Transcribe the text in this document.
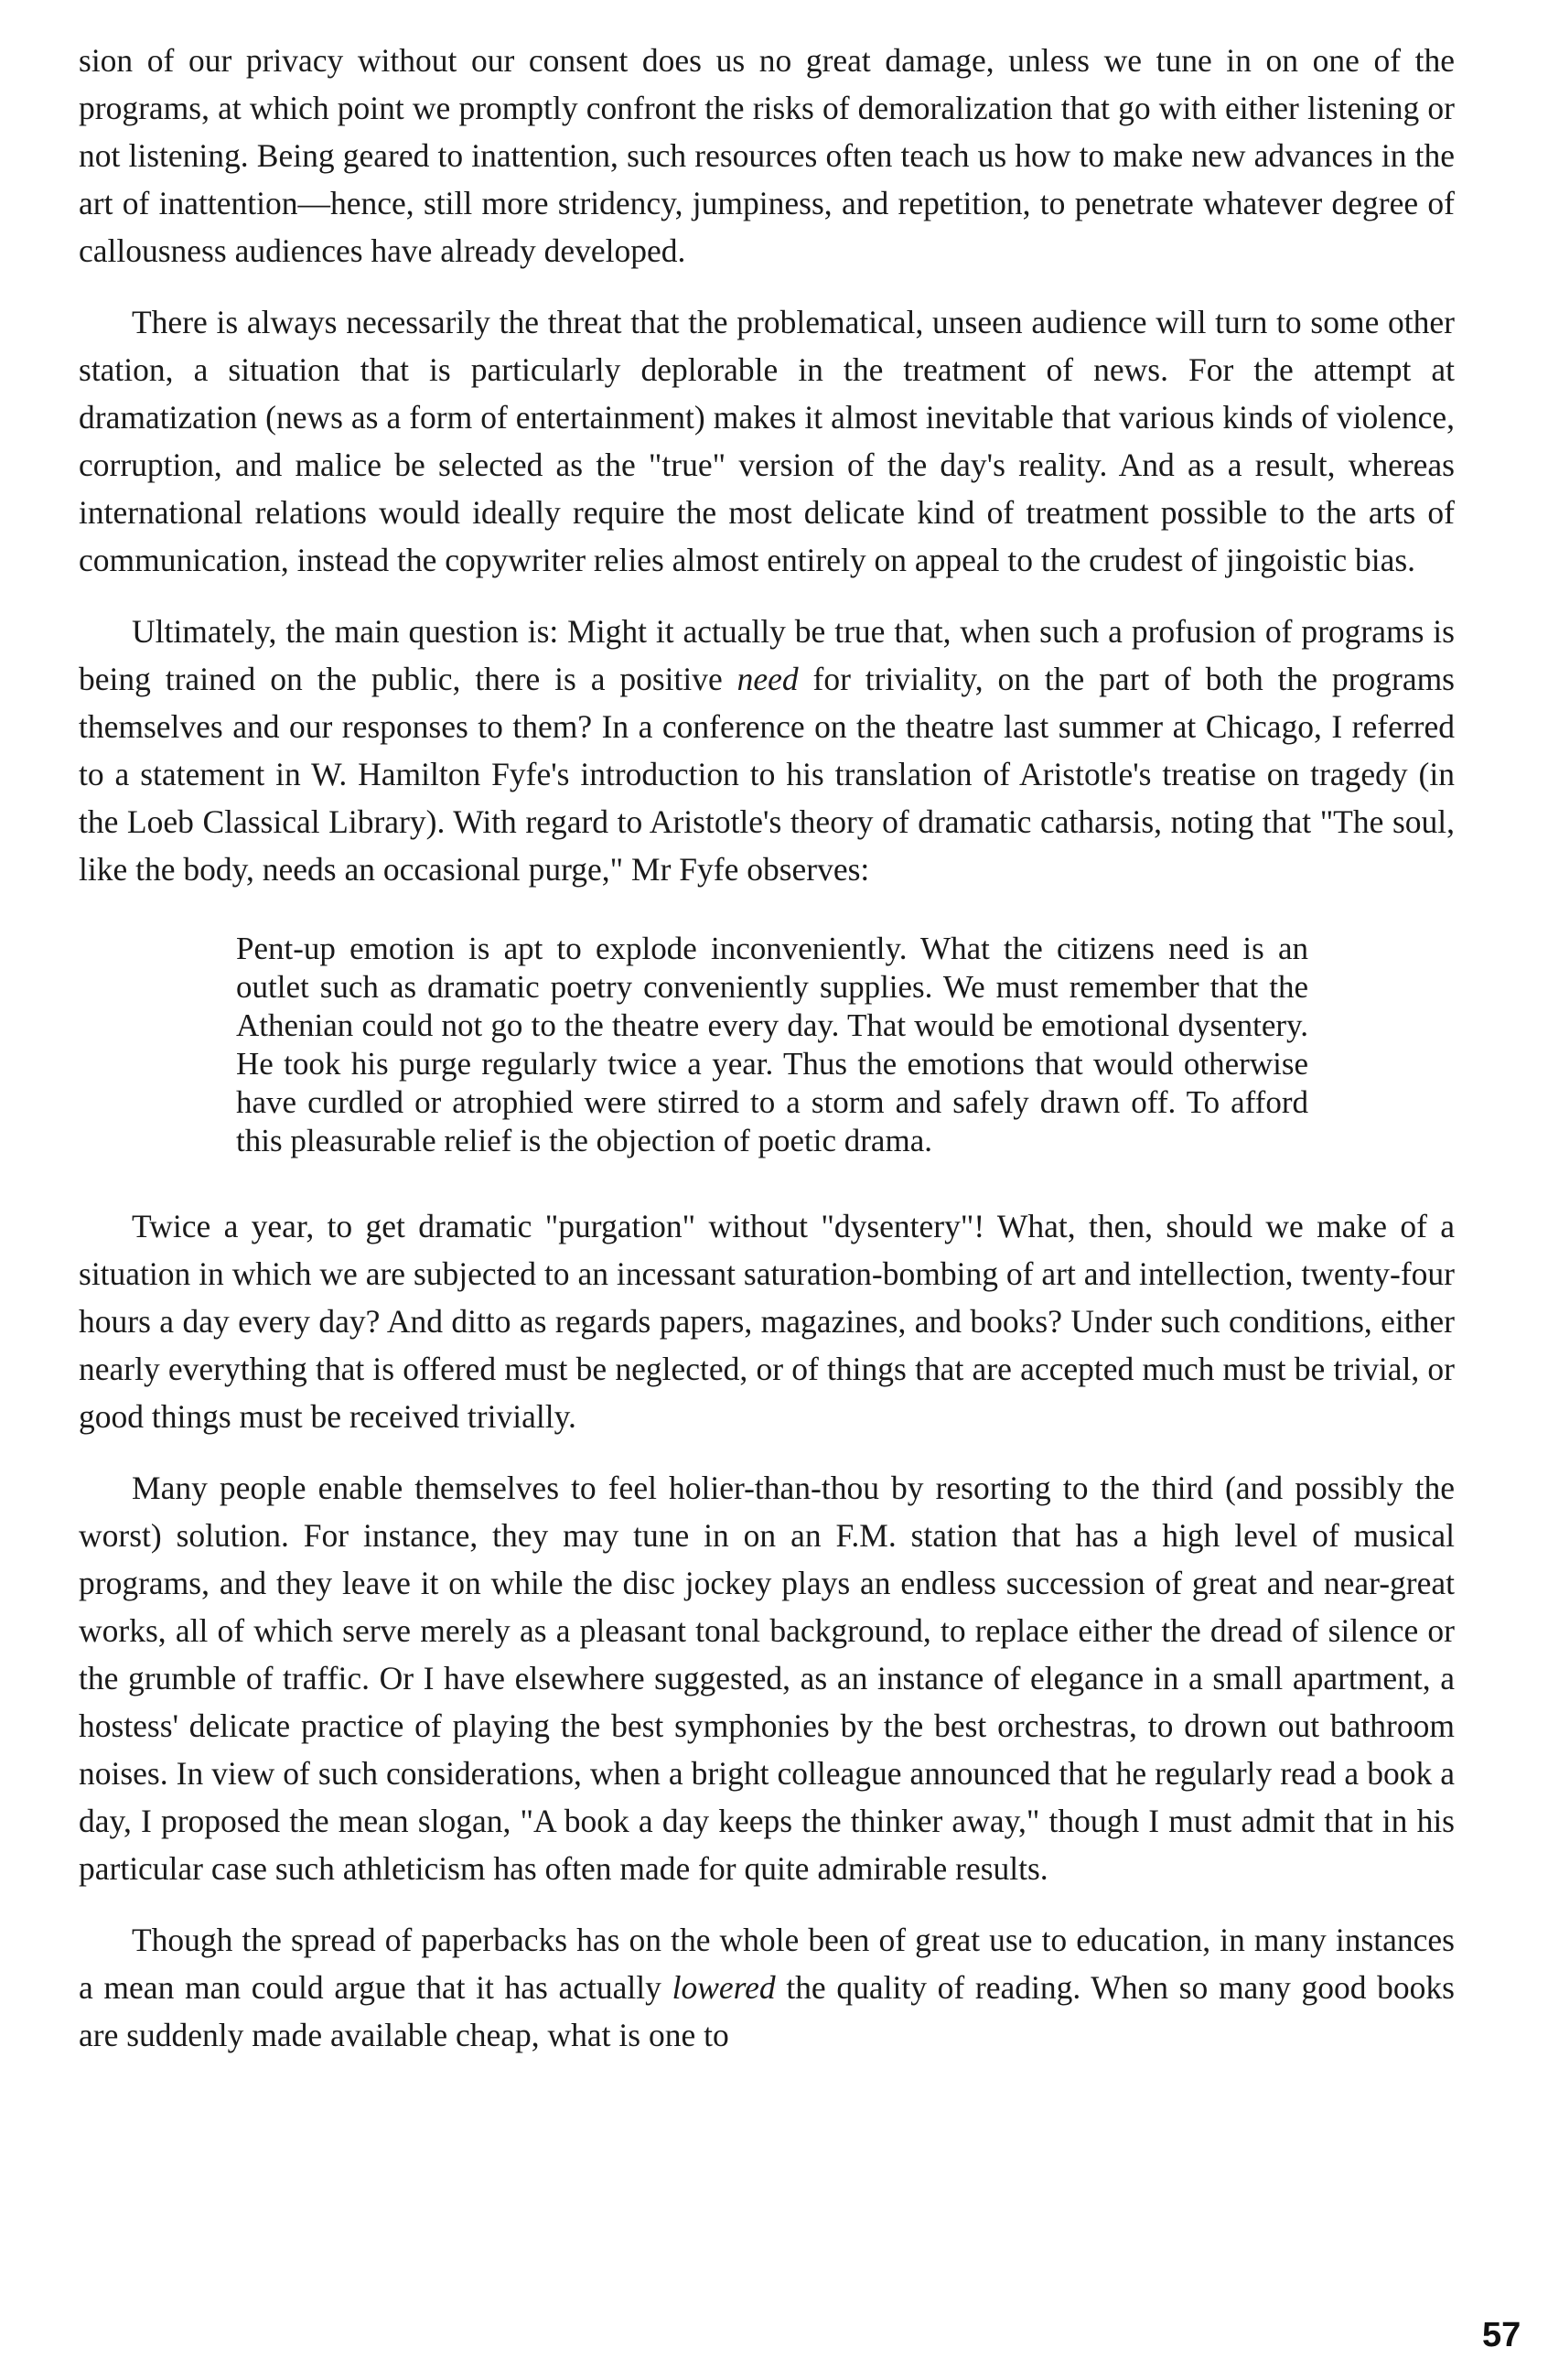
sion of our privacy without our consent does us no great damage, unless we tune in on one of the programs, at which point we promptly confront the risks of demoralization that go with either listening or not listening. Being geared to inattention, such resources often teach us how to make new advances in the art of inattention—hence, still more stridency, jumpiness, and repetition, to penetrate whatever degree of callousness audiences have already developed.

There is always necessarily the threat that the problematical, unseen audience will turn to some other station, a situation that is particularly deplorable in the treatment of news. For the attempt at dramatization (news as a form of entertainment) makes it almost inevitable that various kinds of violence, corruption, and malice be selected as the "true" version of the day's reality. And as a result, whereas international relations would ideally require the most delicate kind of treatment possible to the arts of communication, instead the copywriter relies almost entirely on appeal to the crudest of jingoistic bias.

Ultimately, the main question is: Might it actually be true that, when such a profusion of programs is being trained on the public, there is a positive need for triviality, on the part of both the programs themselves and our responses to them? In a conference on the theatre last summer at Chicago, I referred to a statement in W. Hamilton Fyfe's introduction to his translation of Aristotle's treatise on tragedy (in the Loeb Classical Library). With regard to Aristotle's theory of dramatic catharsis, noting that "The soul, like the body, needs an occasional purge," Mr Fyfe observes:

Pent-up emotion is apt to explode inconveniently. What the citizens need is an outlet such as dramatic poetry conveniently supplies. We must remember that the Athenian could not go to the theatre every day. That would be emotional dysentery. He took his purge regularly twice a year. Thus the emotions that would otherwise have curdled or atrophied were stirred to a storm and safely drawn off. To afford this pleasurable relief is the objection of poetic drama.

Twice a year, to get dramatic "purgation" without "dysentery"! What, then, should we make of a situation in which we are subjected to an incessant saturation-bombing of art and intellection, twenty-four hours a day every day? And ditto as regards papers, magazines, and books? Under such conditions, either nearly everything that is offered must be neglected, or of things that are accepted much must be trivial, or good things must be received trivially.

Many people enable themselves to feel holier-than-thou by resorting to the third (and possibly the worst) solution. For instance, they may tune in on an F.M. station that has a high level of musical programs, and they leave it on while the disc jockey plays an endless succession of great and near-great works, all of which serve merely as a pleasant tonal background, to replace either the dread of silence or the grumble of traffic. Or I have elsewhere suggested, as an instance of elegance in a small apartment, a hostess' delicate practice of playing the best symphonies by the best orchestras, to drown out bathroom noises. In view of such considerations, when a bright colleague announced that he regularly read a book a day, I proposed the mean slogan, "A book a day keeps the thinker away," though I must admit that in his particular case such athleticism has often made for quite admirable results.

Though the spread of paperbacks has on the whole been of great use to education, in many instances a mean man could argue that it has actually lowered the quality of reading. When so many good books are suddenly made available cheap, what is one to

57
